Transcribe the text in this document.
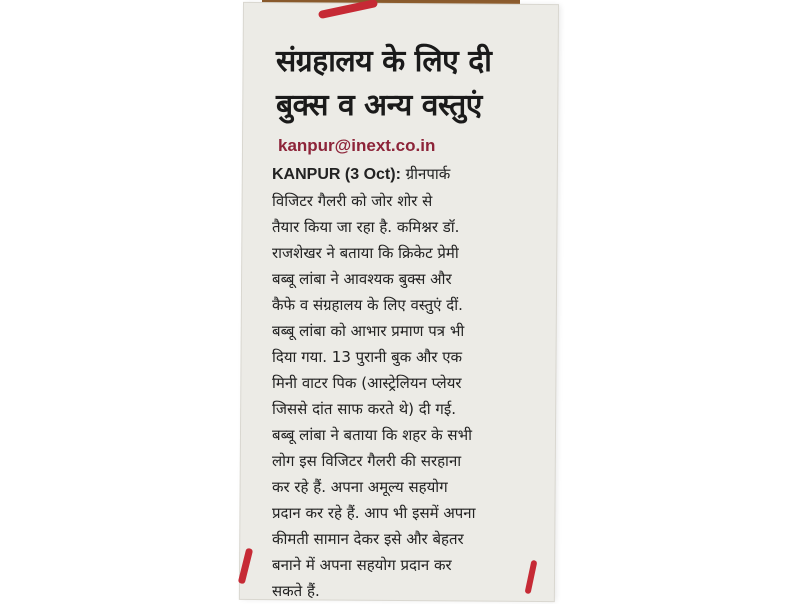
संग्रहालय के लिए दी
बुक्स व अन्य वस्तुएं
kanpur@inext.co.in
KANPUR (3 Oct): ग्रीनपार्क
विजिटर गैलरी को जोर शोर से
तैयार किया जा रहा है. कमिश्नर डॉ.
राजशेखर ने बताया कि क्रिकेट प्रेमी
बब्बू लांबा ने आवश्यक बुक्स और
कैफे व संग्रहालय के लिए वस्तुएं दीं.
बब्बू लांबा को आभार प्रमाण पत्र भी
दिया गया. 13 पुरानी बुक और एक
मिनी वाटर पिक (आस्ट्रेलियन प्लेयर
जिससे दांत साफ करते थे) दी गई.
बब्बू लांबा ने बताया कि शहर के सभी
लोग इस विजिटर गैलरी की सरहाना
कर रहे हैं. अपना अमूल्य सहयोग
प्रदान कर रहे हैं. आप भी इसमें अपना
कीमती सामान देकर इसे और बेहतर
बनाने में अपना सहयोग प्रदान कर
सकते हैं.
